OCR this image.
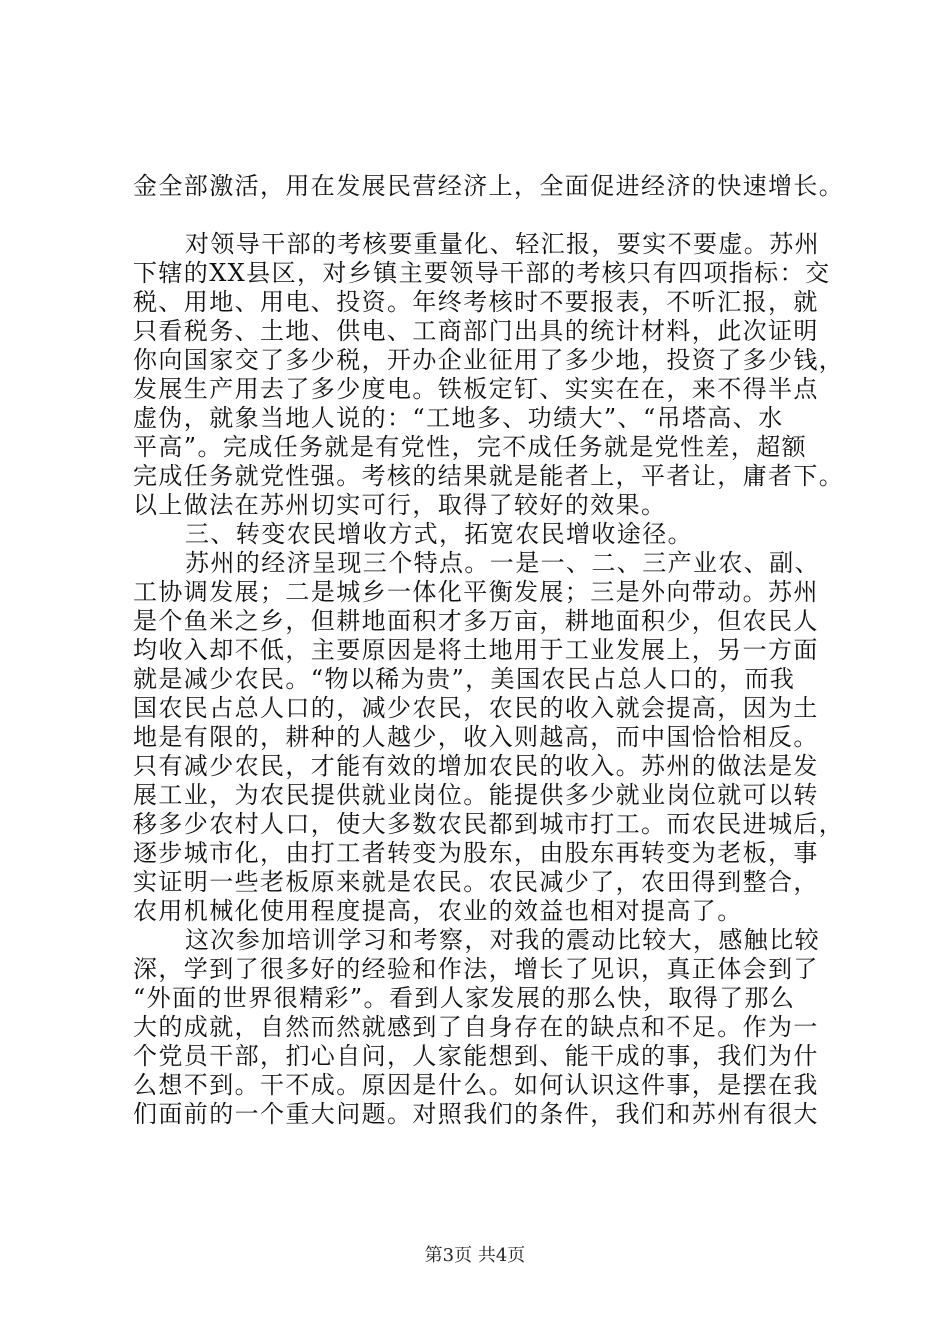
金全部激活，用在发展民营经济上，全面促进经济的快速增长。
对领导干部的考核要重量化、轻汇报，要实不要虚。苏州
下辖的XX县区，对乡镇主要领导干部的考核只有四项指标：交
税、用地、用电、投资。年终考核时不要报表，不听汇报，就
只看税务、土地、供电、工商部门出具的统计材料，此次证明
你向国家交了多少税，开办企业征用了多少地，投资了多少钱，
发展生产用去了多少度电。铁板定钉、实实在在，来不得半点
虚伪，就象当地人说的：“工地多、功绩大”、“吊塔高、水
平高”。完成任务就是有党性，完不成任务就是党性差，超额
完成任务就党性强。考核的结果就是能者上，平者让，庸者下。
以上做法在苏州切实可行，取得了较好的效果。
三、转变农民增收方式，拓宽农民增收途径。
苏州的经济呈现三个特点。一是一、二、三产业农、副、
工协调发展；二是城乡一体化平衡发展；三是外向带动。苏州
是个鱼米之乡，但耕地面积才多万亩，耕地面积少，但农民人
均收入却不低，主要原因是将土地用于工业发展上，另一方面
就是减少农民。“物以稀为贵”，美国农民占总人口的，而我
国农民占总人口的，减少农民，农民的收入就会提高，因为土
地是有限的，耕种的人越少，收入则越高，而中国恰恰相反。
只有减少农民，才能有效的增加农民的收入。苏州的做法是发
展工业，为农民提供就业岗位。能提供多少就业岗位就可以转
移多少农村人口，使大多数农民都到城市打工。而农民进城后，
逐步城市化，由打工者转变为股东，由股东再转变为老板，事
实证明一些老板原来就是农民。农民减少了，农田得到整合，
农用机械化使用程度提高，农业的效益也相对提高了。
这次参加培训学习和考察，对我的震动比较大，感触比较
深，学到了很多好的经验和作法，增长了见识，真正体会到了
“外面的世界很精彩”。看到人家发展的那么快，取得了那么
大的成就，自然而然就感到了自身存在的缺点和不足。作为一
个党员干部，扪心自问，人家能想到、能干成的事，我们为什
么想不到。干不成。原因是什么。如何认识这件事，是摆在我
们面前的一个重大问题。对照我们的条件，我们和苏州有很大
第3页 共4页
